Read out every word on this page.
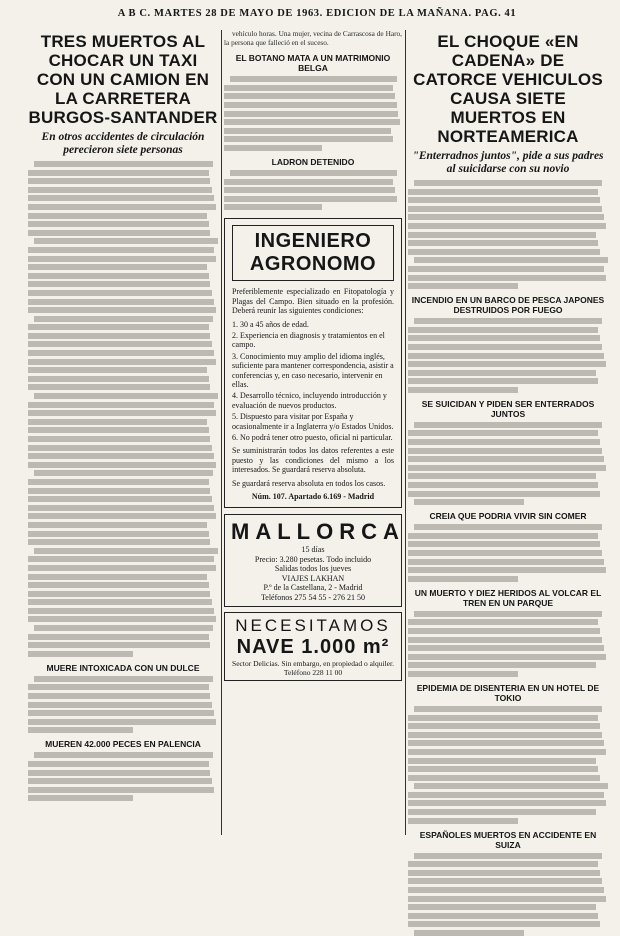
A B C. MARTES 28 DE MAYO DE 1963. EDICION DE LA MAÑANA. PAG. 41
TRES MUERTOS AL CHOCAR UN TAXI CON UN CAMION EN LA CARRETERA BURGOS-SANTANDER
En otros accidentes de circulación perecieron siete personas
MUERE INTOXICADA CON UN DULCE
MUEREN 42.000 PECES EN PALENCIA

vehículo horas. Una mujer, vecina de Carrascosa de Haro, la persona que falleció en el suceso.

EL BOTANO MATA A UN MATRIMONIO BELGA
LADRON DETENIDO
INGENIERO AGRONOMO

Preferiblemente especializado en Fitopatología y Plagas del Campo. Bien situado en la profesión. Deberá reunir las siguientes condiciones:

1. 30 a 45 años de edad.
2. Experiencia en diagnosis y tratamientos en el campo.
3. Conocimiento muy amplio del idioma inglés, suficiente para mantener correspondencia, asistir a conferencias y, en caso necesario, intervenir en ellas.
4. Desarrollo técnico, incluyendo introducción y evaluación de nuevos productos.
5. Dispuesto para visitar por España y ocasionalmente ir a Inglaterra y/o Estados Unidos.
6. No podrá tener otro puesto, oficial ni particular.

Se suministrarán todos los datos referentes a este puesto y las condiciones del mismo a los interesados. Se guardará reserva absoluta.

Se guardará reserva absoluta en todos los casos.

Núm. 107. Apartado 6.169 - Madrid
MALLORCA
15 días
Precio: 3.280 pesetas. Todo incluido
Salidas todos los jueves
VIAJES LAKHAN
P.º de la Castellana, 2 - Madrid
Teléfonos 275 54 55 - 276 21 50
NECESITAMOS
NAVE 1.000 m²
Sector Delicias. Sin embargo, en propiedad o alquiler.
Teléfono 228 11 00
EL CHOQUE «EN CADENA» DE CATORCE VEHICULOS CAUSA SIETE MUERTOS EN NORTEAMERICA
"Enterradnos juntos", pide a sus padres al suicidarse con su novio
INCENDIO EN UN BARCO DE PESCA JAPONES DESTRUIDOS POR FUEGO
SE SUICIDAN Y PIDEN SER ENTERRADOS JUNTOS
CREIA QUE PODRIA VIVIR SIN COMER
UN MUERTO Y DIEZ HERIDOS AL VOLCAR EL TREN EN UN PARQUE
EPIDEMIA DE DISENTERIA EN UN HOTEL DE TOKIO
ESPAÑOLES MUERTOS EN ACCIDENTE EN SUIZA
